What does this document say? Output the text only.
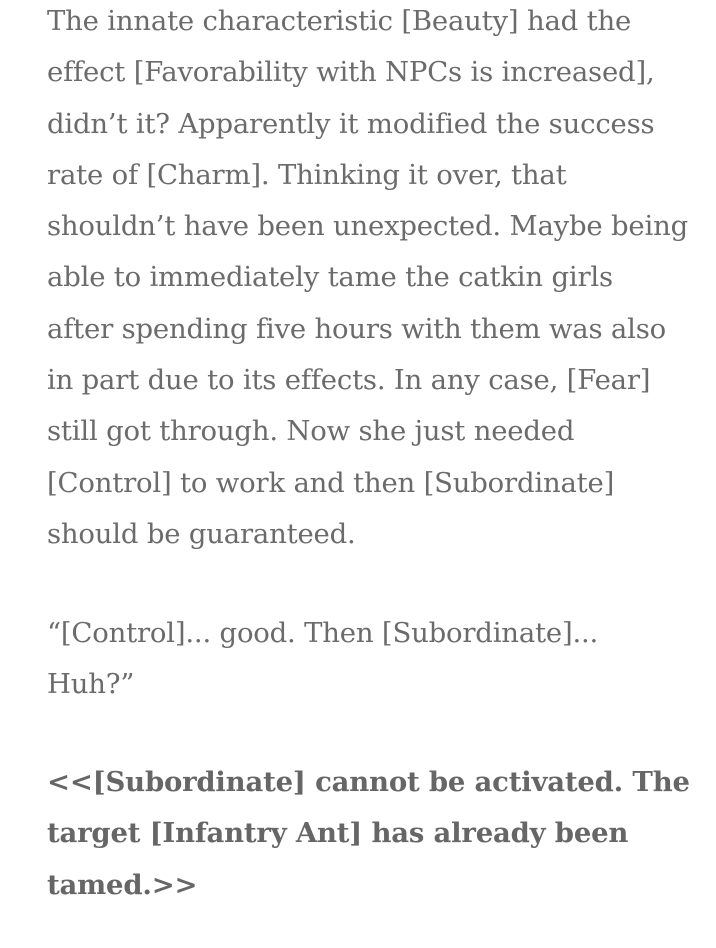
The innate characteristic [Beauty] had the
effect [Favorability with NPCs is increased],
didn’t it? Apparently it modified the success
rate of [Charm]. Thinking it over, that
shouldn’t have been unexpected. Maybe being
able to immediately tame the catkin girls
after spending five hours with them was also
in part due to its effects. In any case, [Fear]
still got through. Now she just needed
[Control] to work and then [Subordinate]
should be guaranteed.

“[Control]... good. Then [Subordinate]...
Huh?”

<<[Subordinate] cannot be activated. The
target [Infantry Ant] has already been
tamed.>>
